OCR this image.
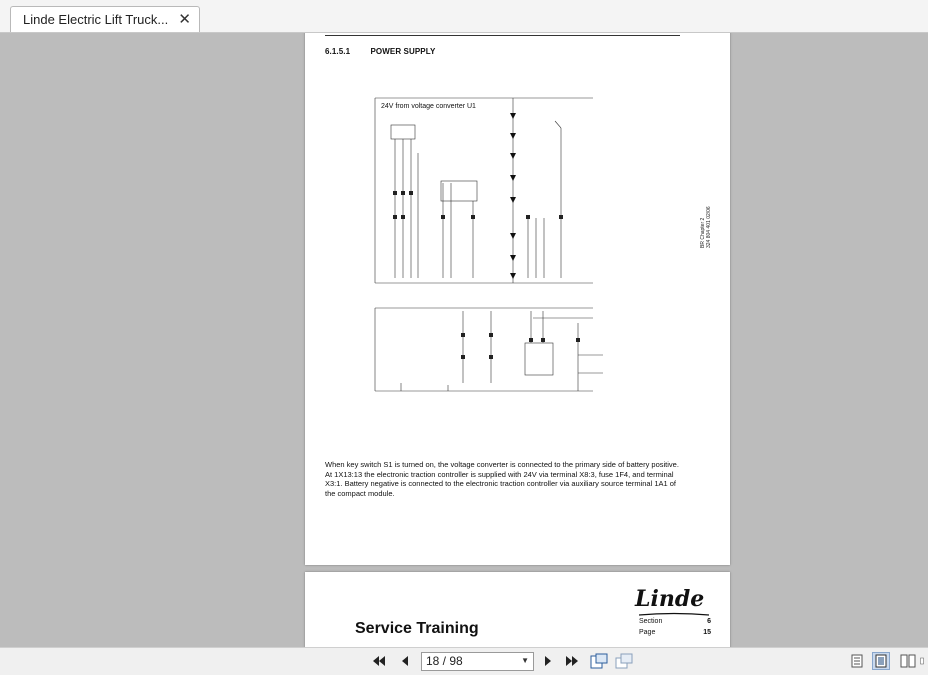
Linde Electric Lift Truck... ✕
6.1.5.1	POWER SUPPLY
24V from voltage converter U1
BR Chapter 2 324 804 401 02/06
When key switch S1 is turned on, the voltage converter is connected to the primary side of battery positive. At 1X13:13 the electronic traction controller is supplied with 24V via terminal X8:3, fuse 1F4, and terminal X3:1. Battery negative is connected to the electronic traction controller via auxiliary source terminal 1A1 of the compact module.
Linde
Service Training	Section	6
Page	15
18 / 98	▼
